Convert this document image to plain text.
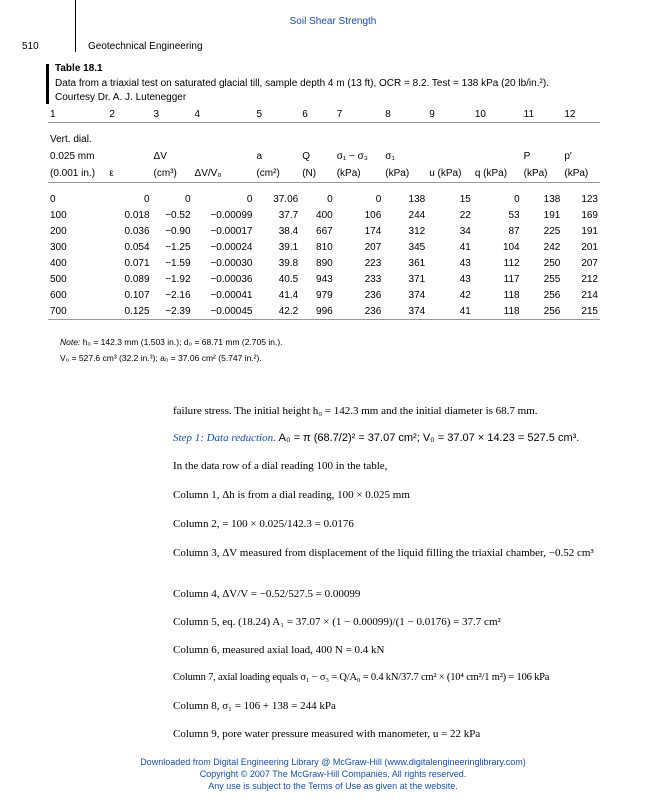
Soil Shear Strength
510	Geotechnical Engineering
Table 18.1
Data from a triaxial test on saturated glacial till, sample depth 4 m (13 ft), OCR = 8.2. Test = 138 kPa (20 lb/in.²).
Courtesy Dr. A. J. Lutenegger
1	2	3	4	5	6	7	8	9	10	11	12

Vert. dial.											
0.025 mm		ΔV		a	Q	σ₁ − σ₃	σ₁			P	p′
(0.001 in.)	ε	(cm³)	ΔV/V₀	(cm²)	(N)	(kPa)	(kPa)	u (kPa)	q (kPa)	(kPa)	(kPa)

0	0	0	0	37.06	0	0	138	15	0	138	123
100	0.018	−0.52	−0.00099	37.7	400	106	244	22	53	191	169
200	0.036	−0.90	−0.00017	38.4	667	174	312	34	87	225	191
300	0.054	−1.25	−0.00024	39.1	810	207	345	41	104	242	201
400	0.071	−1.59	−0.00030	39.8	890	223	361	43	112	250	207
500	0.089	−1.92	−0.00036	40.5	943	233	371	43	117	255	212
600	0.107	−2.16	−0.00041	41.4	979	236	374	42	118	256	214
700	0.125	−2.39	−0.00045	42.2	996	236	374	41	118	256	215
Note: h₀ = 142.3 mm (1.503 in.); d₀ = 68.71 mm (2.705 in.).
V₀ = 527.6 cm³ (32.2 in.³); a₀ = 37.06 cm² (5.747 in.²).
failure stress. The initial height h₀ = 142.3 mm and the initial diameter is 68.7 mm.
Step 1: Data reduction. A₀ = π (68.7/2)² = 37.07 cm²; V₀ = 37.07 × 14.23 = 527.5 cm³.
In the data row of a dial reading 100 in the table,
Column 1, Δh is from a dial reading, 100 × 0.025 mm
Column 2, = 100 × 0.025/142.3 = 0.0176
Column 3, ΔV measured from displacement of the liquid filling the triaxial chamber, −0.52 cm³
Column 4, ΔV/V = −0.52/527.5 = 0.00099
Column 5, eq. (18.24) A₁ = 37.07 × (1 − 0.00099)/(1 − 0.0176) = 37.7 cm²
Column 6, measured axial load, 400 N = 0.4 kN
Column 7, axial loading equals σ₁ − σ₃ = Q/A₀ = 0.4 kN/37.7 cm² × (10⁴ cm²/1 m²) = 106 kPa
Column 8, σ₁ = 106 + 138 = 244 kPa
Column 9, pore water pressure measured with manometer, u = 22 kPa
Downloaded from Digital Engineering Library @ McGraw-Hill (www.digitalengineeringlibrary.com)
Copyright © 2007 The McGraw-Hill Companies. All rights reserved.
Any use is subject to the Terms of Use as given at the website.
